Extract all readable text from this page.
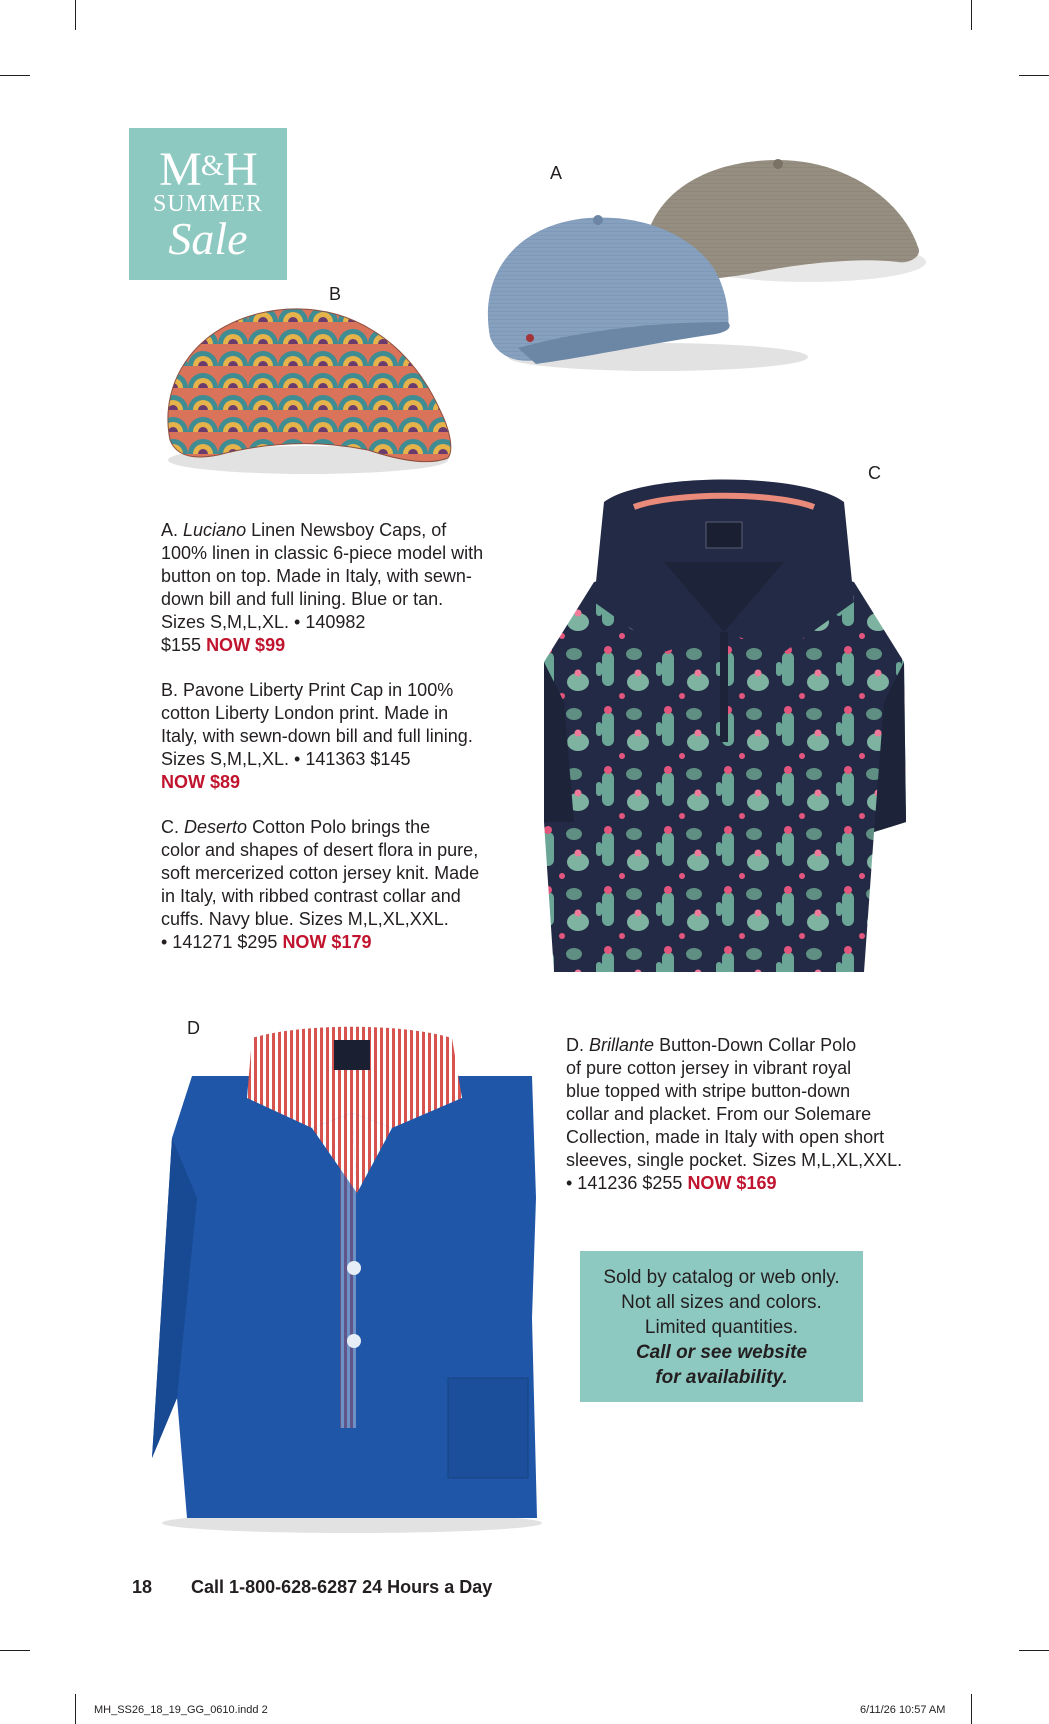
M&H
SUMMER
Sale
A
B
C
D
A. Luciano Linen Newsboy Caps, of
100% linen in classic 6-piece model with
button on top. Made in Italy, with sewn-
down bill and full lining. Blue or tan.
Sizes S,M,L,XL. • 140982
$155 NOW $99
B. Pavone Liberty Print Cap in 100%
cotton Liberty London print. Made in
Italy, with sewn-down bill and full lining.
Sizes S,M,L,XL. • 141363 $145
NOW $89
C. Deserto Cotton Polo brings the
color and shapes of desert flora in pure,
soft mercerized cotton jersey knit. Made
in Italy, with ribbed contrast collar and
cuffs. Navy blue. Sizes M,L,XL,XXL.
• 141271 $295 NOW $179
D. Brillante Button-Down Collar Polo
of pure cotton jersey in vibrant royal
blue topped with stripe button-down
collar and placket. From our Solemare
Collection, made in Italy with open short
sleeves, single pocket. Sizes M,L,XL,XXL.
• 141236 $255 NOW $169
Sold by catalog or web only.
Not all sizes and colors.
Limited quantities.
Call or see website
for availability.
18 Call 1-800-628-6287 24 Hours a Day
MH_SS26_18_19_GG_0610.indd 2	6/11/26 10:57 AM
